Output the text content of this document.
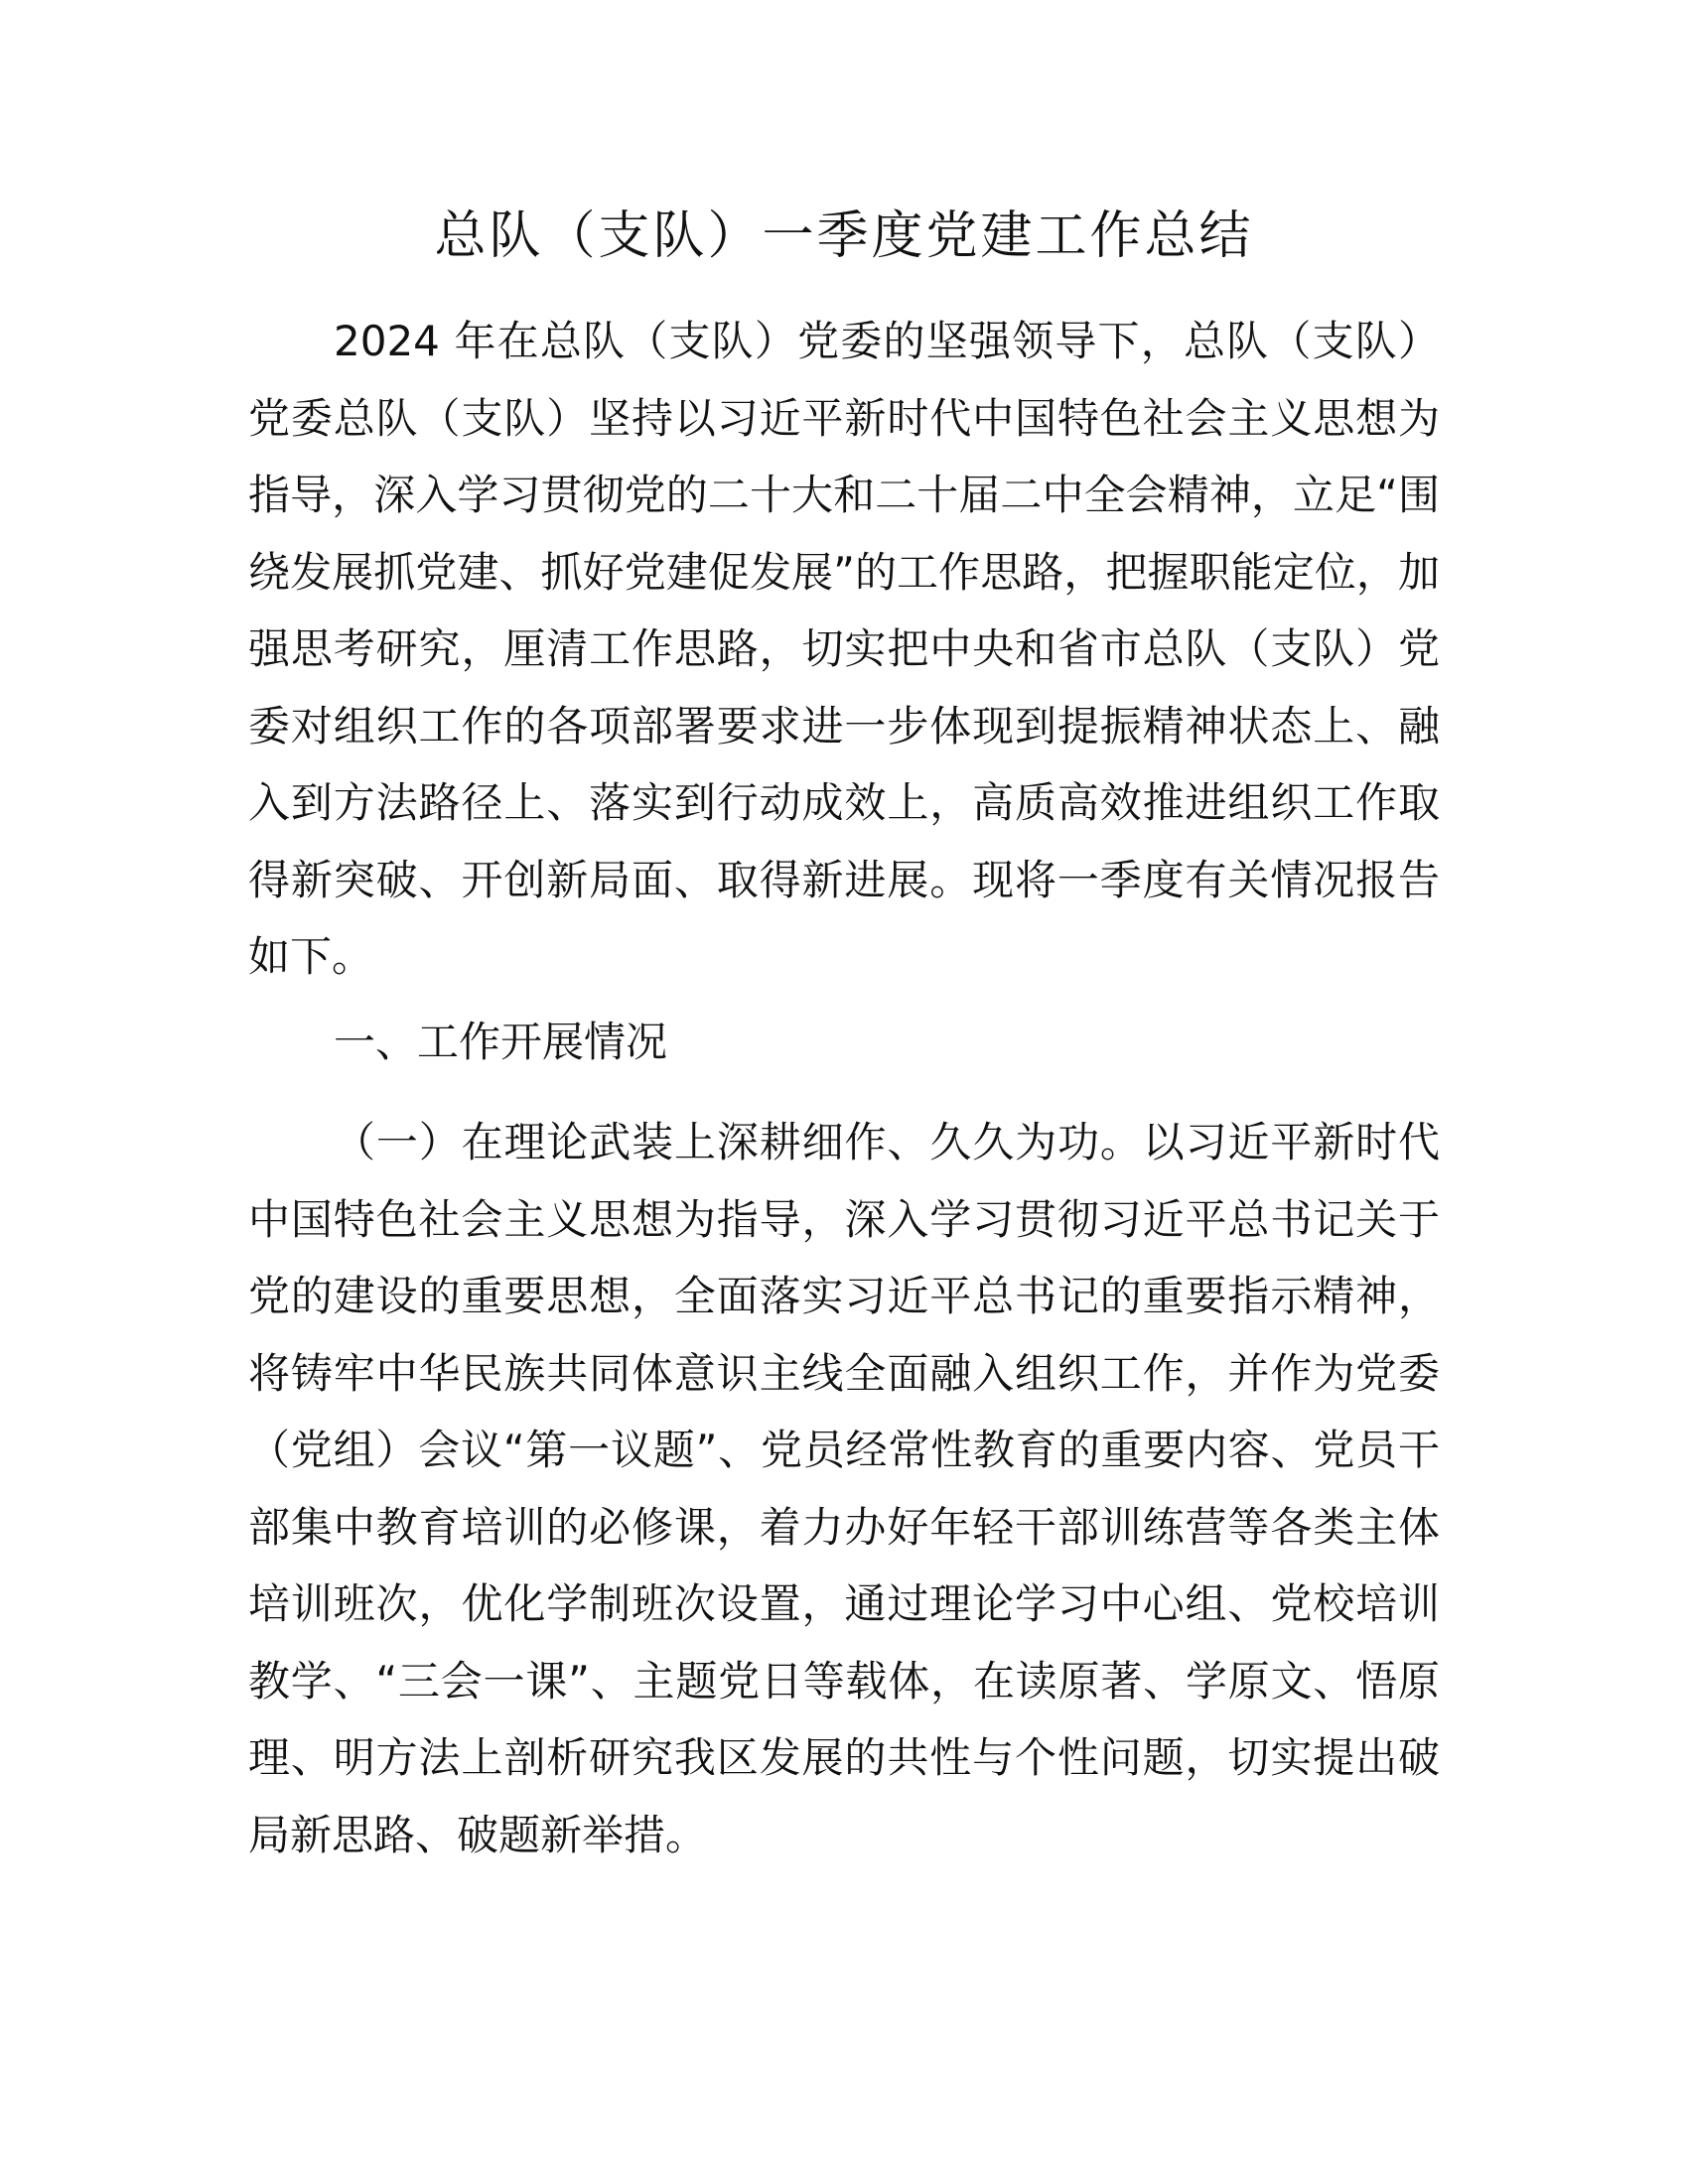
总队（支队）一季度党建工作总结

2024 年在总队（支队）党委的坚强领导下，总队（支队）党委总队（支队）坚持以习近平新时代中国特色社会主义思想为指导，深入学习贯彻党的二十大和二十届二中全会精神，立足“围绕发展抓党建、抓好党建促发展”的工作思路，把握职能定位，加强思考研究，厘清工作思路，切实把中央和省市总队（支队）党委对组织工作的各项部署要求进一步体现到提振精神状态上、融入到方法路径上、落实到行动成效上，高质高效推进组织工作取得新突破、开创新局面、取得新进展。现将一季度有关情况报告如下。

一、工作开展情况

（一）在理论武装上深耕细作、久久为功。以习近平新时代中国特色社会主义思想为指导，深入学习贯彻习近平总书记关于党的建设的重要思想，全面落实习近平总书记的重要指示精神，将铸牢中华民族共同体意识主线全面融入组织工作，并作为党委（党组）会议“第一议题”、党员经常性教育的重要内容、党员干部集中教育培训的必修课，着力办好年轻干部训练营等各类主体培训班次，优化学制班次设置，通过理论学习中心组、党校培训教学、“三会一课”、主题党日等载体，在读原著、学原文、悟原理、明方法上剖析研究我区发展的共性与个性问题，切实提出破局新思路、破题新举措。
